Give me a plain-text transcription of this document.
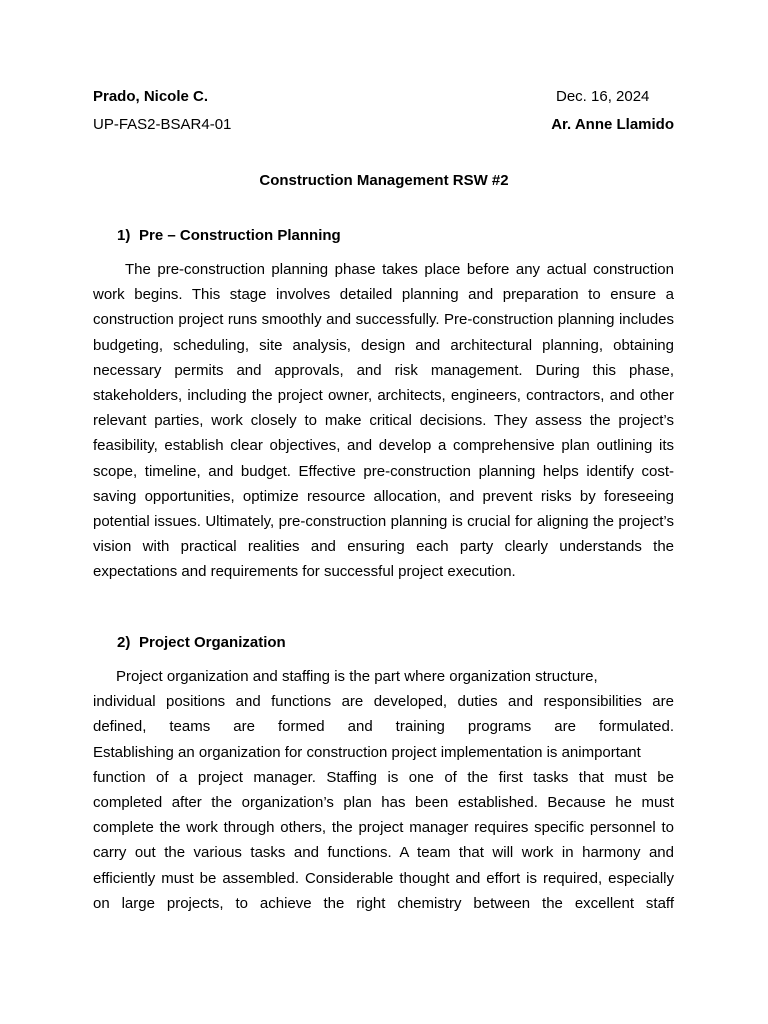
Prado, Nicole C.	Dec. 16, 2024
UP-FAS2-BSAR4-01	Ar. Anne Llamido
Construction Management RSW #2
1) Pre – Construction Planning

The pre-construction planning phase takes place before any actual construction work begins. This stage involves detailed planning and preparation to ensure a construction project runs smoothly and successfully. Pre-construction planning includes budgeting, scheduling, site analysis, design and architectural planning, obtaining necessary permits and approvals, and risk management. During this phase, stakeholders, including the project owner, architects, engineers, contractors, and other relevant parties, work closely to make critical decisions. They assess the project’s feasibility, establish clear objectives, and develop a comprehensive plan outlining its scope, timeline, and budget. Effective pre-construction planning helps identify cost-saving opportunities, optimize resource allocation, and prevent risks by foreseeing potential issues. Ultimately, pre-construction planning is crucial for aligning the project’s vision with practical realities and ensuring each party clearly understands the expectations and requirements for successful project execution.

2) Project Organization
Project organization and staffing is the part where organization structure,
individual positions and functions are developed, duties and responsibilities are
defined, teams are formed and training programs are formulated.
Establishing an organization for construction project implementation is animportant
function of a project manager. Staffing is one of the first tasks that must be
completed after the organization’s plan has been established. Because he must
complete the work through others, the project manager requires specific personnel to
carry out the various tasks and functions. A team that will work in harmony and
efficiently must be assembled. Considerable thought and effort is required, especially
on large projects, to achieve the right chemistry between the excellent staff
